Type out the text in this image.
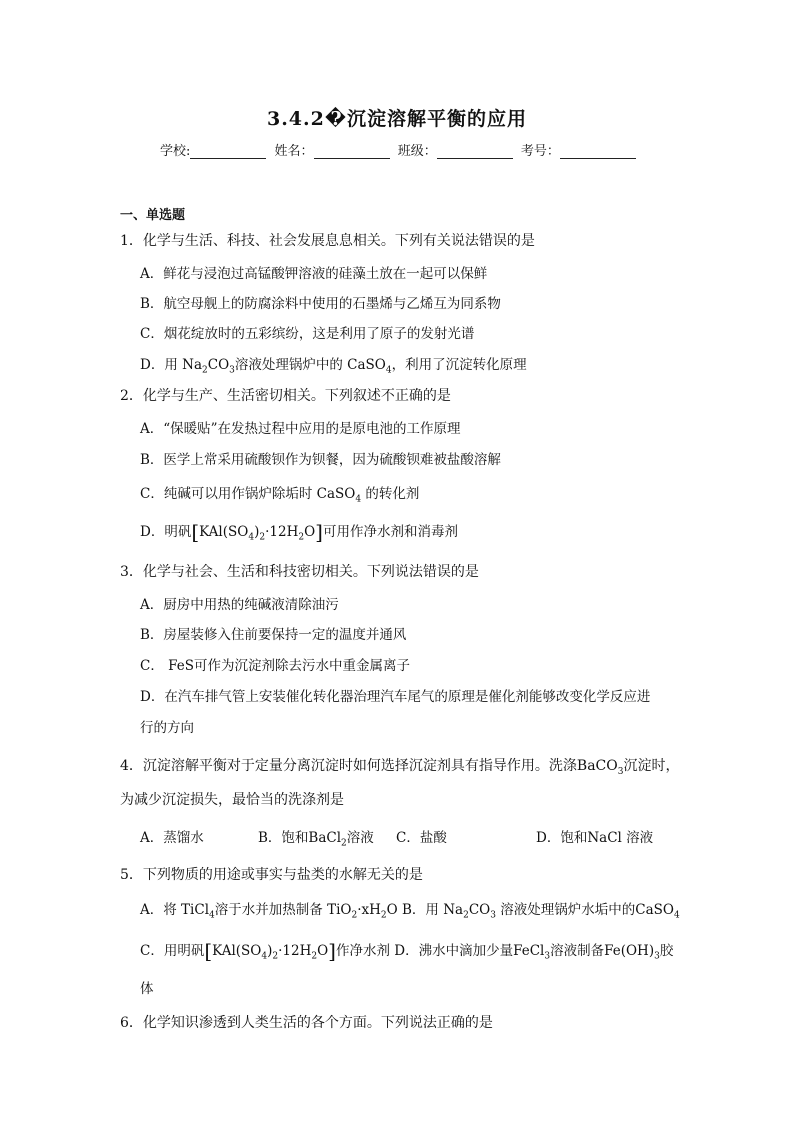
3.4.2�沉淀溶解平衡的应用
学校:	姓名：	班级：	考号：
一、单选题
1．化学与生活、科技、社会发展息息相关。下列有关说法错误的是
A．鲜花与浸泡过高锰酸钾溶液的硅藻土放在一起可以保鲜
B．航空母舰上的防腐涂料中使用的石墨烯与乙烯互为同系物
C．烟花绽放时的五彩缤纷，这是利用了原子的发射光谱
D．用 $Na_2CO_3$溶液处理锅炉中的 CaSO$_4$，利用了沉淀转化原理
2．化学与生产、生活密切相关。下列叙述不正确的是
A．“保暖贴”在发热过程中应用的是原电池的工作原理
B．医学上常采用硫酸钡作为钡餐，因为硫酸钡难被盐酸溶解
C．纯碱可以用作锅炉除垢时 CaSO$_4$ 的转化剂
D．明矾$[KAl(SO_4)_2\cdot 12H_2O]$可用作净水剂和消毒剂
3．化学与社会、生活和科技密切相关。下列说法错误的是
A．厨房中用热的纯碱液清除油污
B．房屋装修入住前要保持一定的温度并通风
C． FeS可作为沉淀剂除去污水中重金属离子
D．在汽车排气管上安装催化转化器治理汽车尾气的原理是催化剂能够改变化学反应进
行的方向
4．沉淀溶解平衡对于定量分离沉淀时如何选择沉淀剂具有指导作用。洗涤BaCO$_3$沉淀时，
为减少沉淀损失，最恰当的洗涤剂是
A．蒸馏水	B．饱和BaCl$_2$溶液 C．盐酸	D．饱和NaCl 溶液
5．下列物质的用途或事实与盐类的水解无关的是
A．将 TiCl$_4$溶于水并加热制备 $TiO_2\cdot xH_2O$ B．用 $Na_2CO_3$ 溶液处理锅炉水垢中的CaSO$_4$
C．用明矾$[KAl(SO_4)_2\cdot 12H_2O]$作净水剂 D．沸水中滴加少量FeCl$_3$溶液制备$Fe(OH)_3$胶
体
6．化学知识渗透到人类生活的各个方面。下列说法正确的是
